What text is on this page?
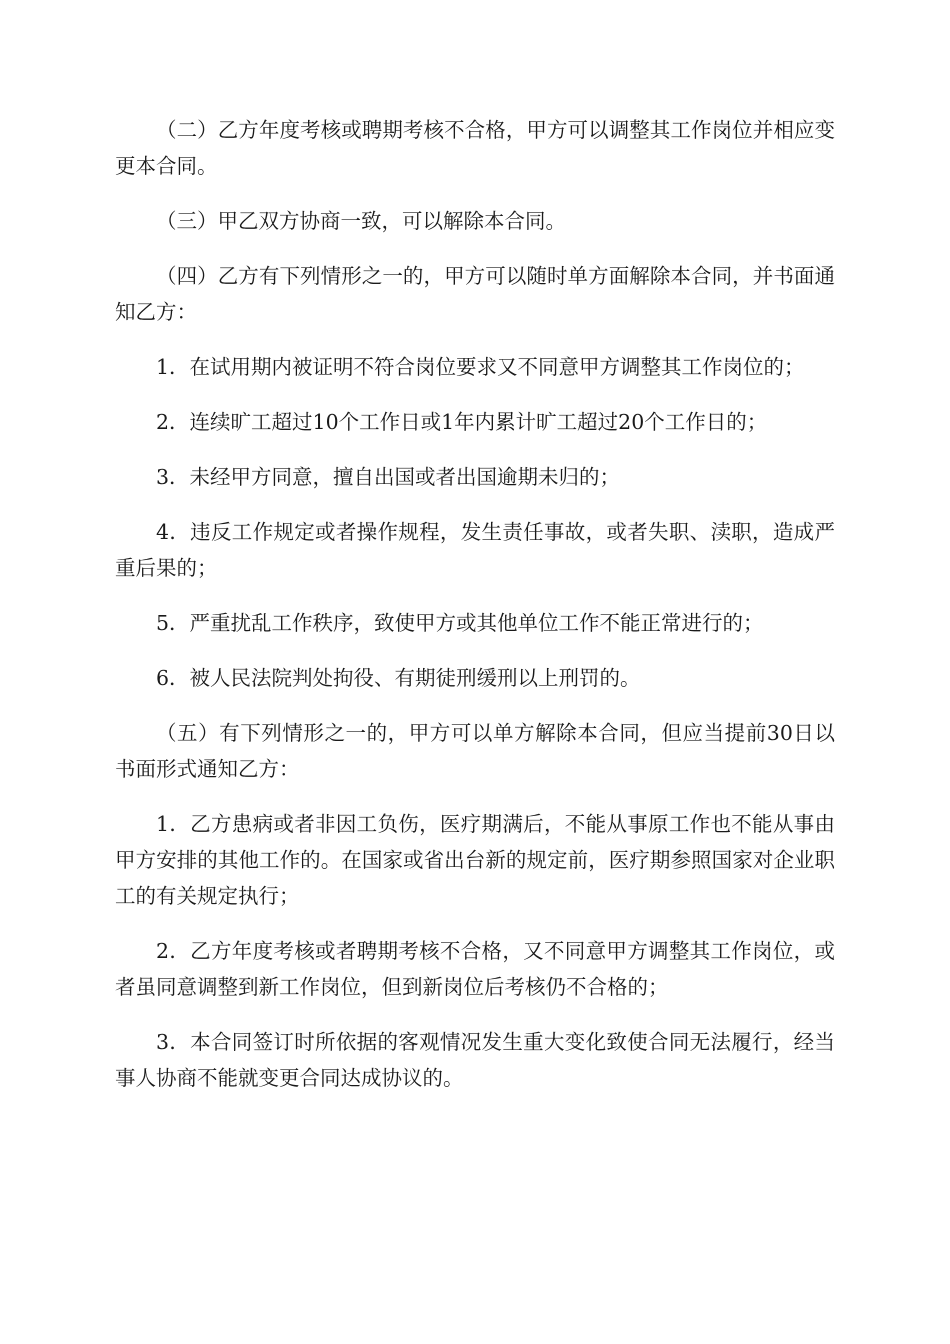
（二）乙方年度考核或聘期考核不合格，甲方可以调整其工作岗位并相应变更本合同。

（三）甲乙双方协商一致，可以解除本合同。

（四）乙方有下列情形之一的，甲方可以随时单方面解除本合同，并书面通知乙方：

1．在试用期内被证明不符合岗位要求又不同意甲方调整其工作岗位的；

2．连续旷工超过10个工作日或1年内累计旷工超过20个工作日的；

3．未经甲方同意，擅自出国或者出国逾期未归的；

4．违反工作规定或者操作规程，发生责任事故，或者失职、渎职，造成严重后果的；

5．严重扰乱工作秩序，致使甲方或其他单位工作不能正常进行的；

6．被人民法院判处拘役、有期徒刑缓刑以上刑罚的。

（五）有下列情形之一的，甲方可以单方解除本合同，但应当提前30日以书面形式通知乙方：

1．乙方患病或者非因工负伤，医疗期满后，不能从事原工作也不能从事由甲方安排的其他工作的。在国家或省出台新的规定前，医疗期参照国家对企业职工的有关规定执行；

2．乙方年度考核或者聘期考核不合格，又不同意甲方调整其工作岗位，或者虽同意调整到新工作岗位，但到新岗位后考核仍不合格的；

3．本合同签订时所依据的客观情况发生重大变化致使合同无法履行，经当事人协商不能就变更合同达成协议的。
